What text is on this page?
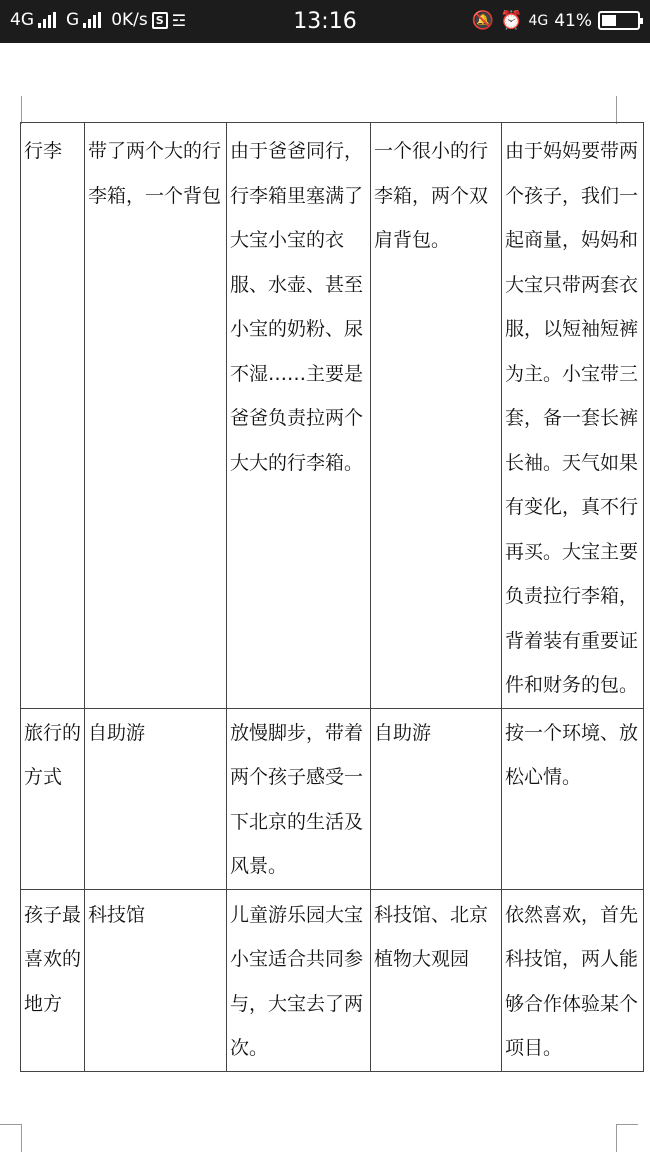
4G G 0K/s S ☲	13:16	🔕 ⏰ 4G 41%
行李	带了两个大的行李箱，一个背包	由于爸爸同行，行李箱里塞满了大宝小宝的衣服、水壶、甚至小宝的奶粉、尿不湿……主要是爸爸负责拉两个大大的行李箱。	一个很小的行李箱，两个双肩背包。	由于妈妈要带两个孩子，我们一起商量，妈妈和大宝只带两套衣服，以短袖短裤为主。小宝带三套，备一套长裤长袖。天气如果有变化，真不行再买。大宝主要负责拉行李箱，背着装有重要证件和财务的包。
旅行的方式	自助游	放慢脚步，带着两个孩子感受一下北京的生活及风景。	自助游	按一个环境、放松心情。
孩子最喜欢的地方	科技馆	儿童游乐园大宝小宝适合共同参与，大宝去了两次。	科技馆、北京植物大观园	依然喜欢，首先科技馆，两人能够合作体验某个项目。
